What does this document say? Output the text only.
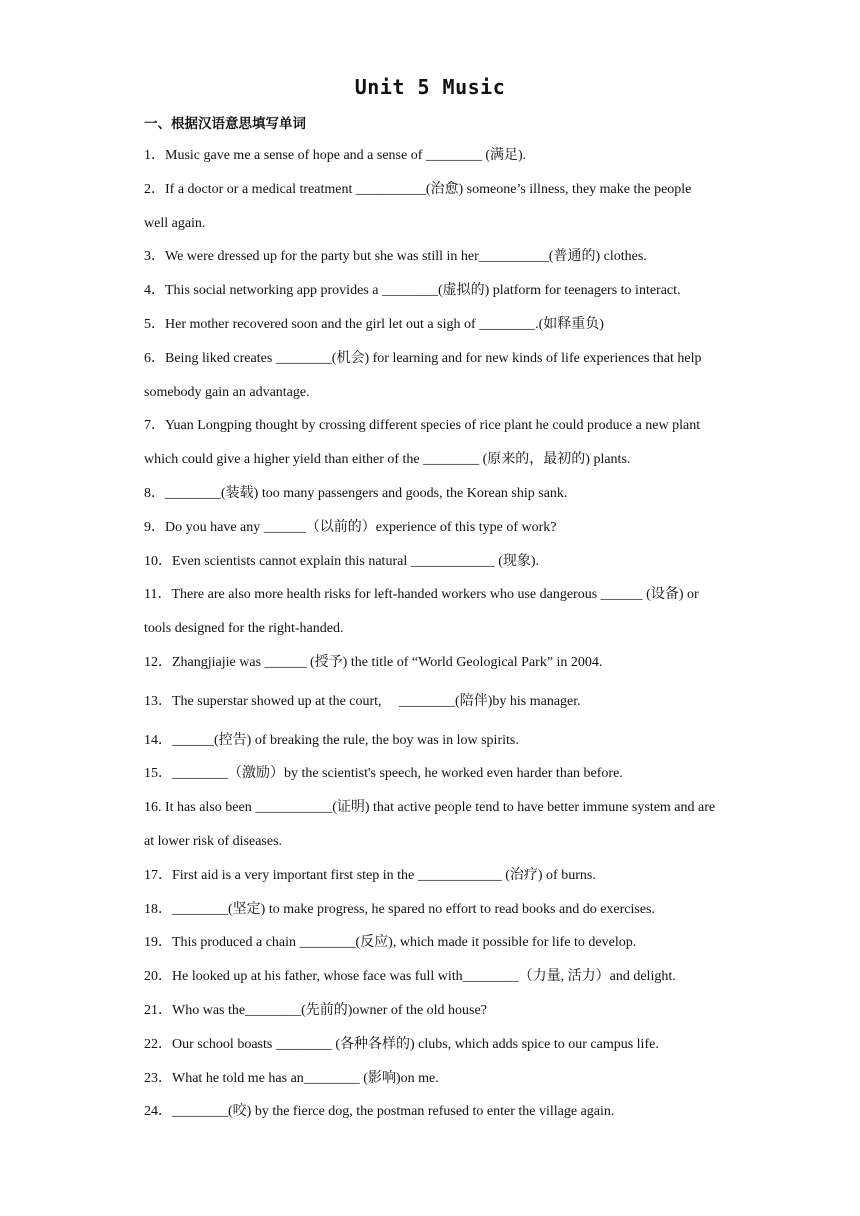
Unit 5 Music
一、根据汉语意思填写单词

1．Music gave me a sense of hope and a sense of ________ (满足).

2．If a doctor or a medical treatment __________(治愈) someone’s illness, they make the people well again.

3．We were dressed up for the party but she was still in her__________(普通的) clothes.

4．This social networking app provides a ________(虚拟的) platform for teenagers to interact.

5．Her mother recovered soon and the girl let out a sigh of ________.(如释重负)

6．Being liked creates ________(机会) for learning and for new kinds of life experiences that help somebody gain an advantage.

7．Yuan Longping thought by crossing different species of rice plant he could produce a new plant which could give a higher yield than either of the ________ (原来的，最初的) plants.

8．________(装载) too many passengers and goods, the Korean ship sank.

9．Do you have any ______（以前的）experience of this type of work?

10．Even scientists cannot explain this natural ____________ (现象).

11．There are also more health risks for left-handed workers who use dangerous ______ (设备) or tools designed for the right-handed.

12．Zhangjiajie was ______ (授予) the title of “World Geological Park” in 2004.

13．The superstar showed up at the court,　 ________(陪伴)by his manager.

14．______(控告) of breaking the rule, the boy was in low spirits.

15．________（激励）by the scientist's speech, he worked even harder than before.

16. It has also been ___________(证明) that active people tend to have better immune system and are at lower risk of diseases.

17．First aid is a very important first step in the ____________ (治疗) of burns.

18．________(坚定) to make progress, he spared no effort to read books and do exercises.

19．This produced a chain ________(反应), which made it possible for life to develop.

20．He looked up at his father, whose face was full with________（力量, 活力）and delight.

21．Who was the________(先前的)owner of the old house?

22．Our school boasts ________ (各种各样的) clubs, which adds spice to our campus life.

23．What he told me has an________ (影响)on me.

24．________(咬) by the fierce dog, the postman refused to enter the village again.
